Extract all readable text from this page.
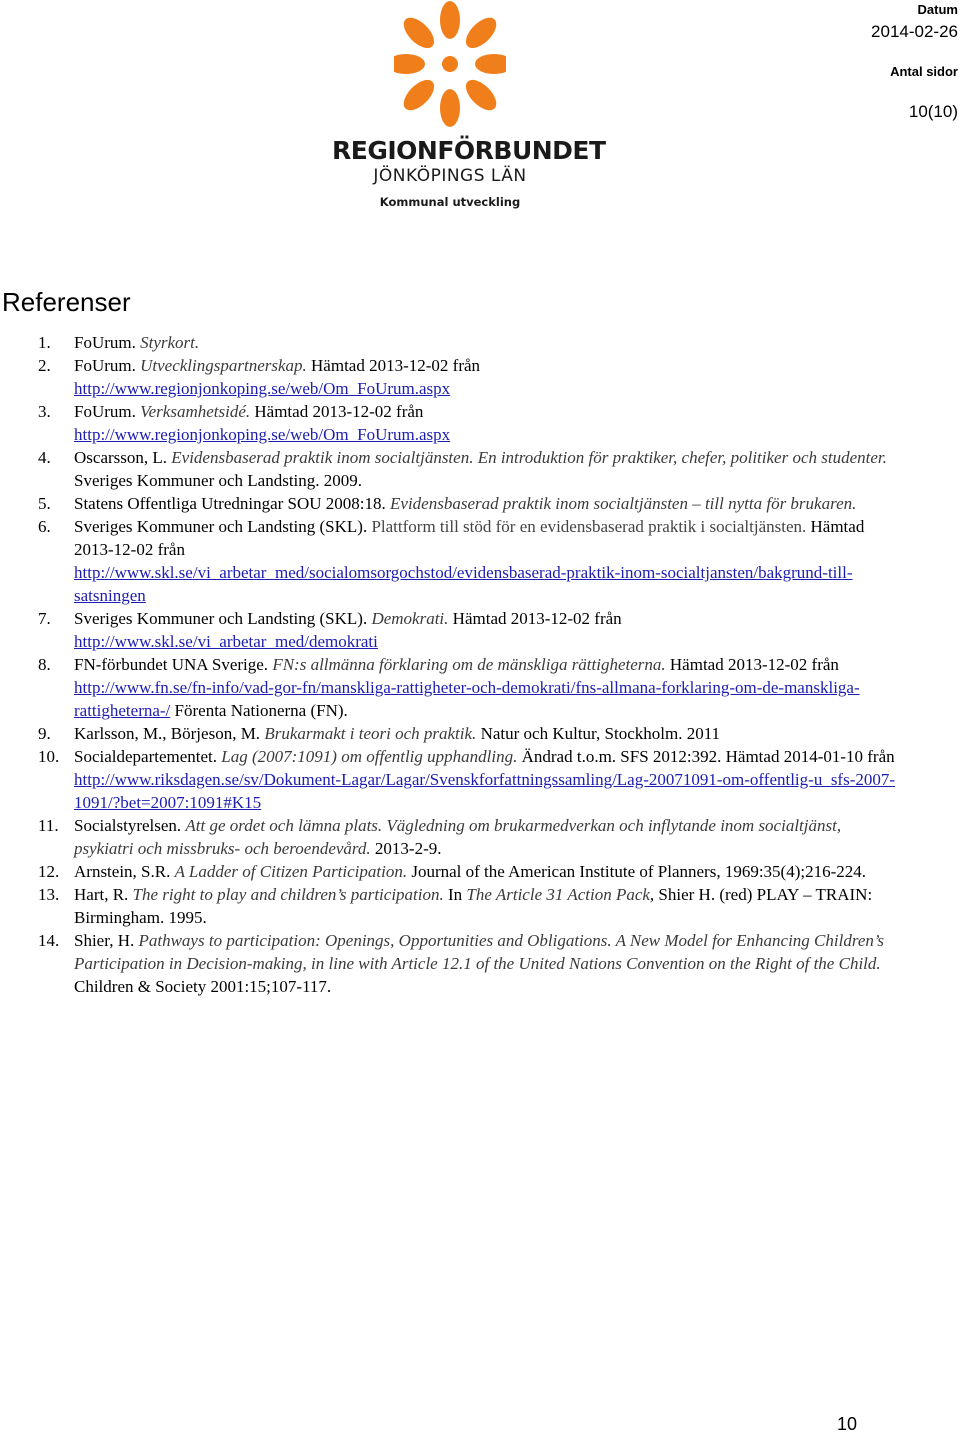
REGIONFÖRBUNDET
JÖNKÖPINGS LÄN
Kommunal utveckling
Datum
2014-02-26
Antal sidor
10(10)
Referenser
1.	FoUrum. Styrkort.
2.	FoUrum. Utvecklingspartnerskap. Hämtad 2013-12-02 från
http://www.regionjonkoping.se/web/Om_FoUrum.aspx
3.	FoUrum. Verksamhetsidé. Hämtad 2013-12-02 från
http://www.regionjonkoping.se/web/Om_FoUrum.aspx
4.	Oscarsson, L. Evidensbaserad praktik inom socialtjänsten. En introduktion för praktiker, chefer, politiker och studenter. Sveriges Kommuner och Landsting. 2009.
5.	Statens Offentliga Utredningar SOU 2008:18. Evidensbaserad praktik inom socialtjänsten – till nytta för brukaren.
6.	Sveriges Kommuner och Landsting (SKL). Plattform till stöd för en evidensbaserad praktik i socialtjänsten. Hämtad 2013-12-02 från
http://www.skl.se/vi_arbetar_med/socialomsorgochstod/evidensbaserad-praktik-inom-socialtjansten/bakgrund-till-satsningen
7.	Sveriges Kommuner och Landsting (SKL). Demokrati. Hämtad 2013-12-02 från
http://www.skl.se/vi_arbetar_med/demokrati
8.	FN-förbundet UNA Sverige. FN:s allmänna förklaring om de mänskliga rättigheterna. Hämtad 2013-12-02 från http://www.fn.se/fn-info/vad-gor-fn/manskliga-rattigheter-och-demokrati/fns-allmana-forklaring-om-de-manskliga-rattigheterna-/ Förenta Nationerna (FN).
9.	Karlsson, M., Börjeson, M. Brukarmakt i teori och praktik. Natur och Kultur, Stockholm. 2011
10. Socialdepartementet. Lag (2007:1091) om offentlig upphandling. Ändrad t.o.m. SFS 2012:392. Hämtad 2014-01-10 från http://www.riksdagen.se/sv/Dokument-Lagar/Lagar/Svenskforfattningssamling/Lag-20071091-om-offentlig-u_sfs-2007-1091/?bet=2007:1091#K15
11. Socialstyrelsen. Att ge ordet och lämna plats. Vägledning om brukarmedverkan och inflytande inom socialtjänst, psykiatri och missbruks- och beroendevård. 2013-2-9.
12. Arnstein, S.R. A Ladder of Citizen Participation. Journal of the American Institute of Planners, 1969:35(4);216-224.
13. Hart, R. The right to play and children’s participation. In The Article 31 Action Pack, Shier H. (red) PLAY – TRAIN: Birmingham. 1995.
14. Shier, H. Pathways to participation: Openings, Opportunities and Obligations. A New Model for Enhancing Children’s Participation in Decision-making, in line with Article 12.1 of the United Nations Convention on the Right of the Child. Children & Society 2001:15;107-117.
10
